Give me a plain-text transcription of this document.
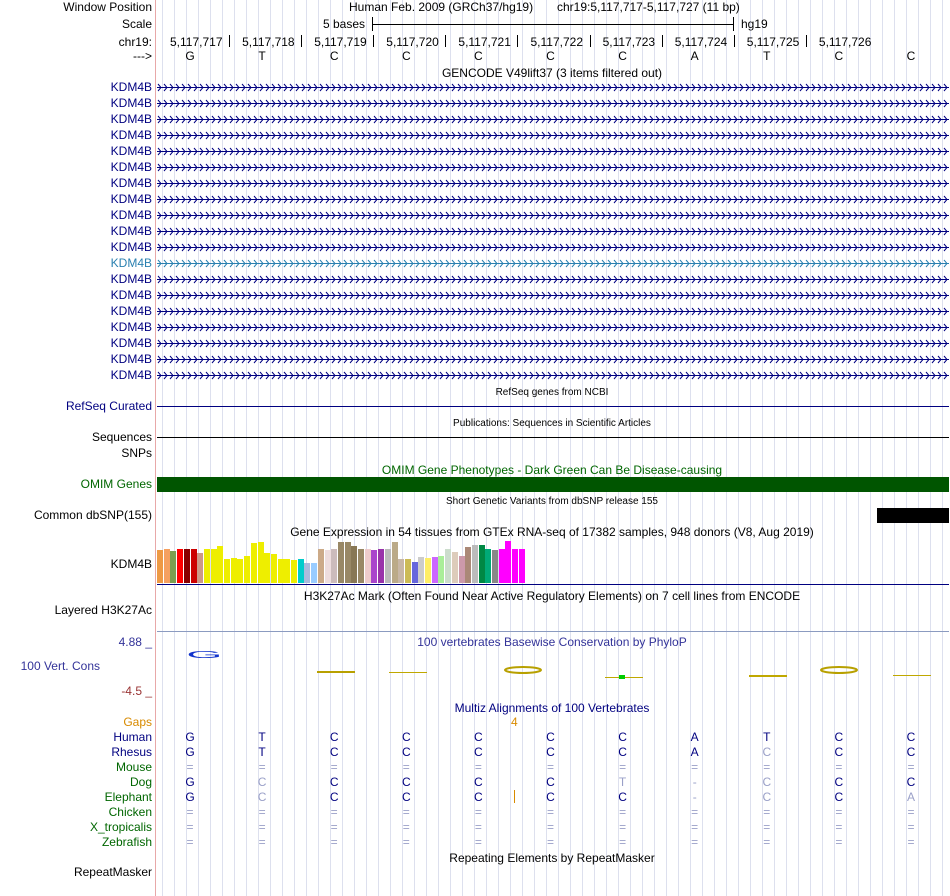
Window Position	Human Feb. 2009 (GRCh37/hg19) chr19:5,117,717-5,117,727 (11 bp)
Scale	5 bases	hg19
chr19: 5,117,717 5,117,718 5,117,719 5,117,720 5,117,721 5,117,722 5,117,723 5,117,724 5,117,725 5,117,726
--->	G	T	C	C	C	C	C	A	T	C	C
GENCODE V49lift37 (3 items filtered out)
KDM4B
KDM4B
KDM4B
KDM4B
KDM4B
KDM4B
KDM4B
KDM4B
KDM4B
KDM4B
KDM4B
KDM4B
KDM4B
KDM4B
KDM4B
KDM4B
KDM4B
KDM4B
KDM4B
RefSeq genes from NCBI
RefSeq Curated
Publications: Sequences in Scientific Articles
Sequences
SNPs
OMIM Gene Phenotypes - Dark Green Can Be Disease-causing
OMIM Genes
Short Genetic Variants from dbSNP release 155
Common dbSNP(155)
Gene Expression in 54 tissues from GTEx RNA-seq of 17382 samples, 948 donors (V8, Aug 2019)
KDM4B
H3K27Ac Mark (Often Found Near Active Regulatory Elements) on 7 cell lines from ENCODE
Layered H3K27Ac
100 vertebrates Basewise Conservation by PhyloP
4.88 _
100 Vert. Cons
-4.5 _
G
Multiz Alignments of 100 Vertebrates
Gaps	4
Human	G	T	C	C	C	C	C	A	T	C	C
Rhesus	G	T	C	C	C	C	C	A	C	C	C
Mouse	=	=	=	=	=	=	=	=	=	=	=
Dog	G	C	C	C	C	C	T	-	C	C	C
Elephant	G	C	C	C	C	C	C	-	C	C	A
Chicken	=	=	=	=	=	=	=	=	=	=	=
X_tropicalis	=	=	=	=	=	=	=	=	=	=	=
Zebrafish	=	=	=	=	=	=	=	=	=	=	=
Repeating Elements by RepeatMasker
RepeatMasker
